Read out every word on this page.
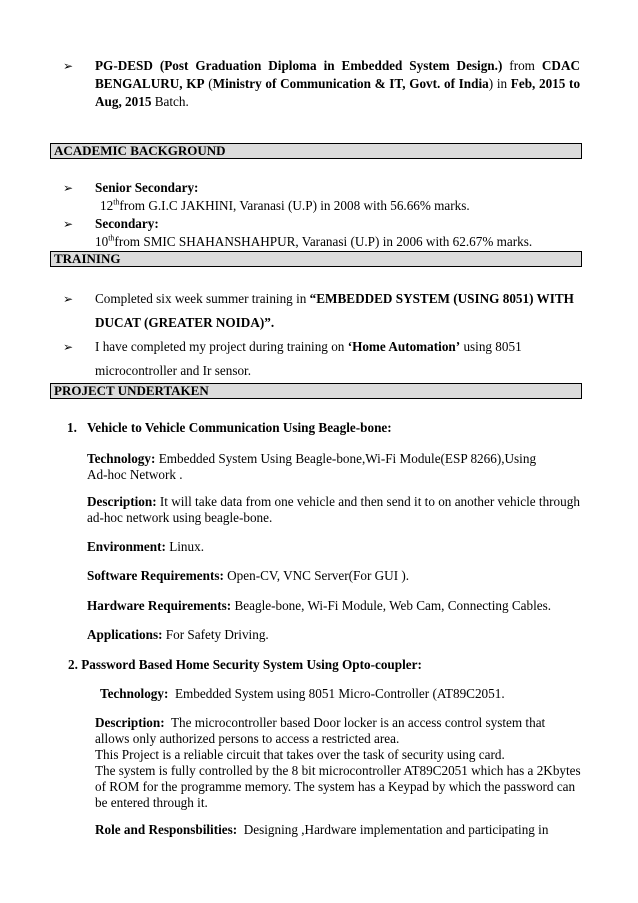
➢ PG-DESD (Post Graduation Diploma in Embedded System Design.) from CDAC
BENGALURU, KP (Ministry of Communication & IT, Govt. of India) in Feb, 2015 to
Aug, 2015 Batch.
ACADEMIC BACKGROUND
➢ Senior Secondary:
12thfrom G.I.C JAKHINI, Varanasi (U.P) in 2008 with 56.66% marks.
➢ Secondary:
10thfrom SMIC SHAHANSHAHPUR, Varanasi (U.P) in 2006 with 62.67% marks.
TRAINING
➢ Completed six week summer training in “EMBEDDED SYSTEM (USING 8051) WITH
DUCAT (GREATER NOIDA)”.
➢ I have completed my project during training on ‘Home Automation’ using 8051
microcontroller and Ir sensor.
PROJECT UNDERTAKEN
1. Vehicle to Vehicle Communication Using Beagle-bone:
Technology: Embedded System Using Beagle-bone,Wi-Fi Module(ESP 8266),Using
Ad-hoc Network .
Description: It will take data from one vehicle and then send it to on another vehicle through
ad-hoc network using beagle-bone.
Environment: Linux.
Software Requirements: Open-CV, VNC Server(For GUI ).
Hardware Requirements: Beagle-bone, Wi-Fi Module, Web Cam, Connecting Cables.
Applications: For Safety Driving.
2. Password Based Home Security System Using Opto-coupler:
Technology: Embedded System using 8051 Micro-Controller (AT89C2051.
Description: The microcontroller based Door locker is an access control system that
allows only authorized persons to access a restricted area.
This Project is a reliable circuit that takes over the task of security using card.
The system is fully controlled by the 8 bit microcontroller AT89C2051 which has a 2Kbytes
of ROM for the programme memory. The system has a Keypad by which the password can
be entered through it.
Role and Responsbilities: Designing ,Hardware implementation and participating in
